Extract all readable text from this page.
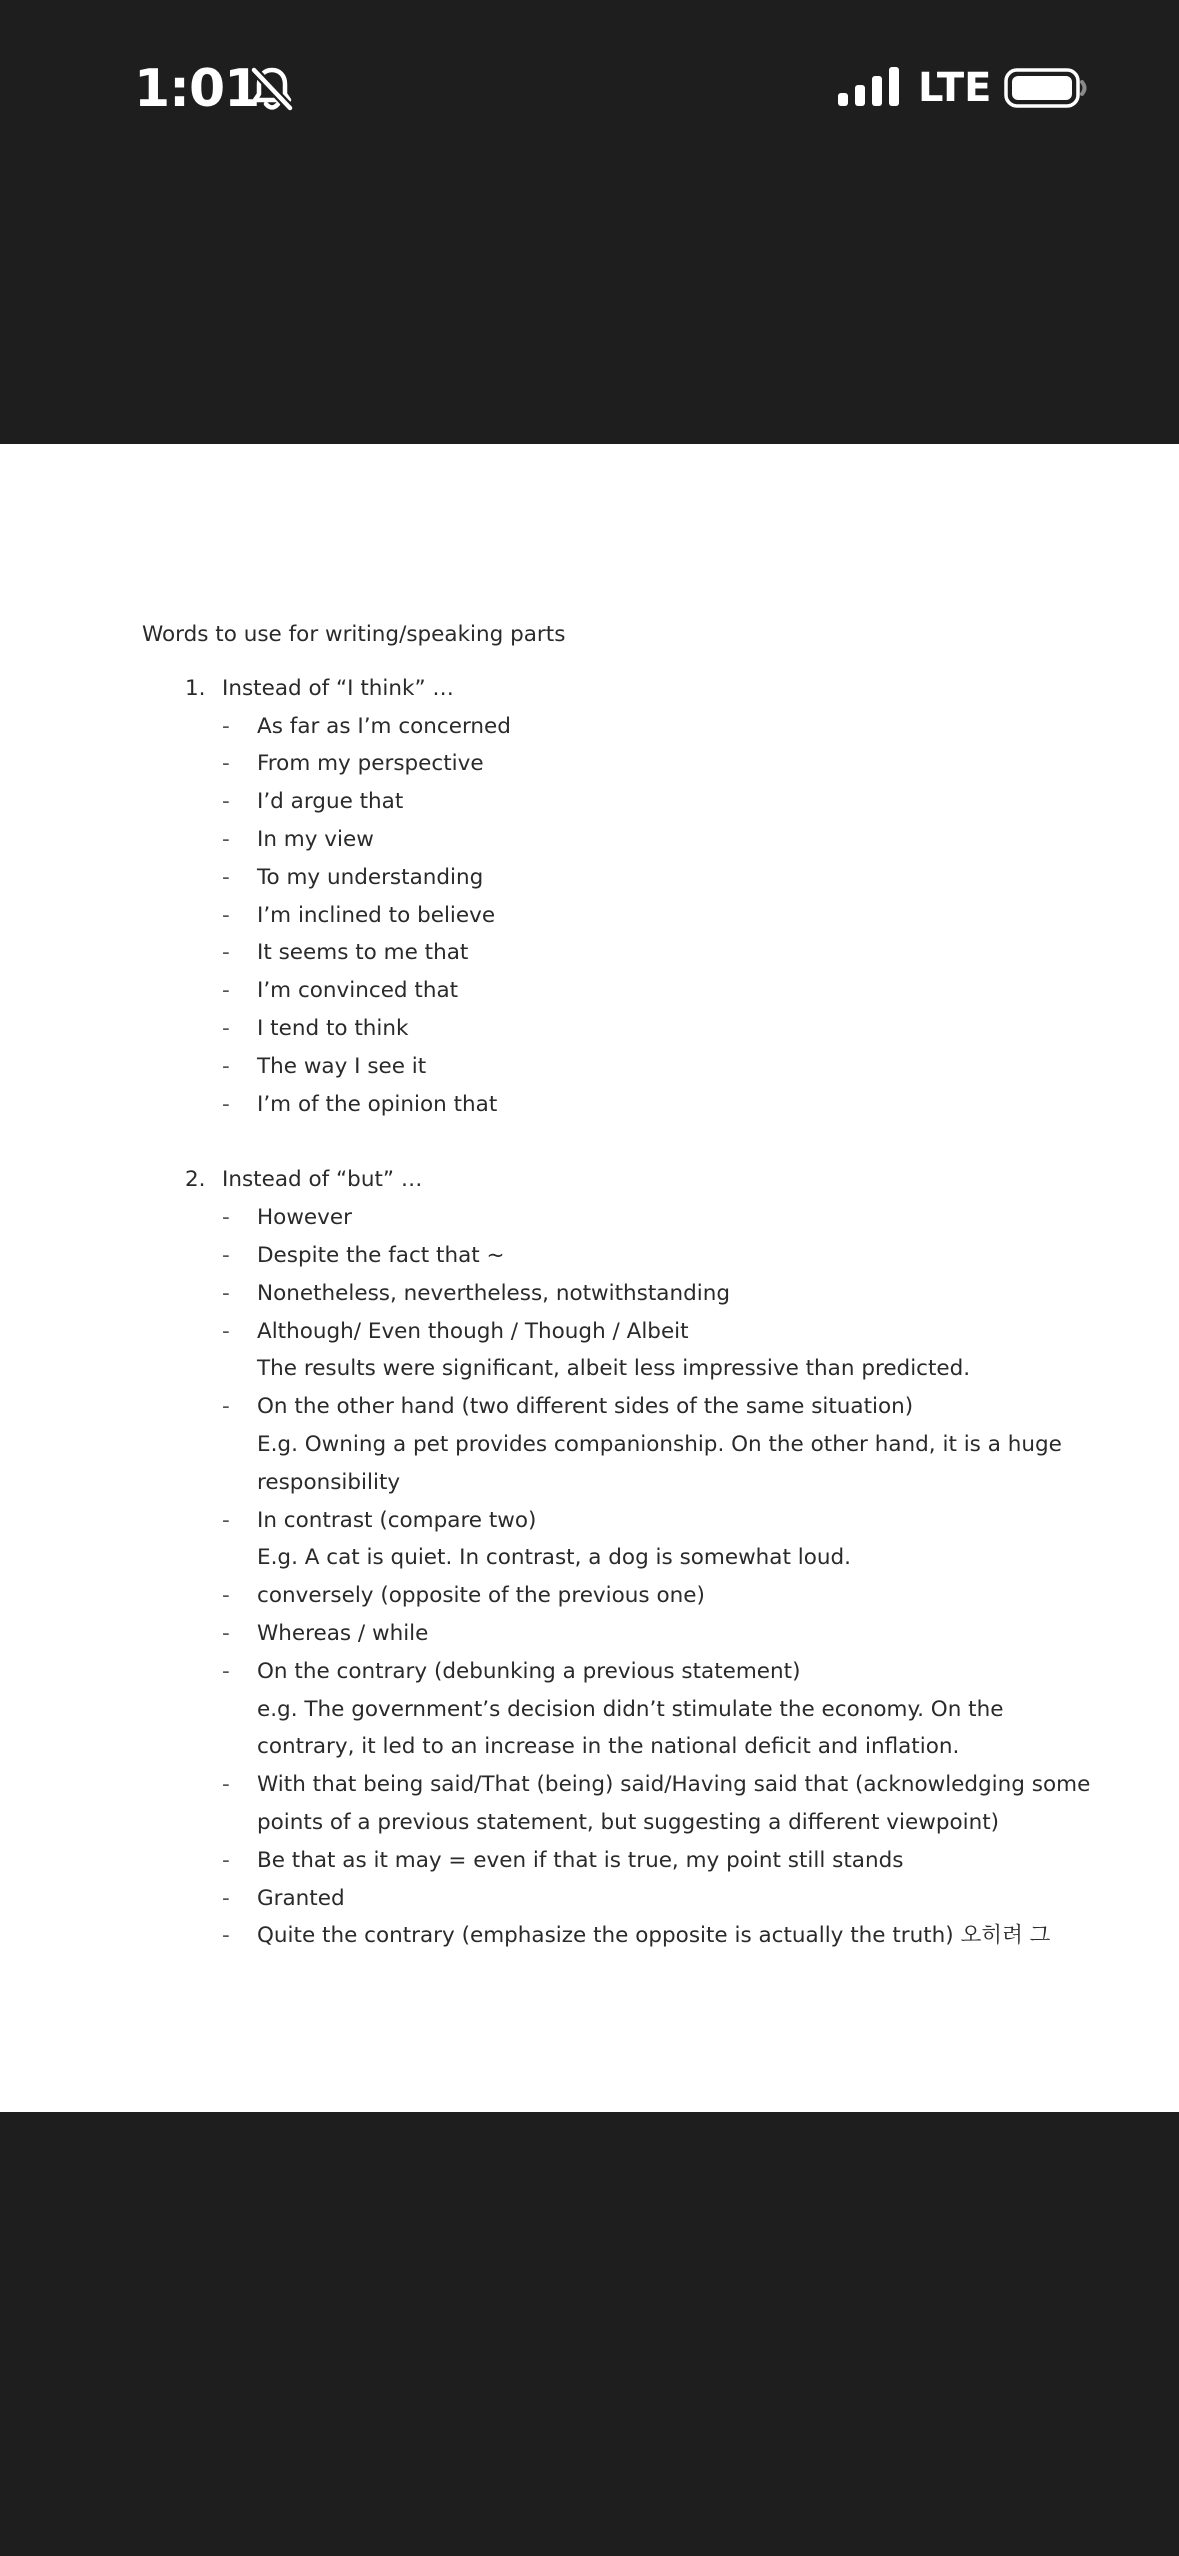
1:01	LTE
Words to use for writing/speaking parts
1. Instead of “I think” …
- As far as I’m concerned
- From my perspective
- I’d argue that
- In my view
- To my understanding
- I’m inclined to believe
- It seems to me that
- I’m convinced that
- I tend to think
- The way I see it
- I’m of the opinion that
2. Instead of “but” …
- However
- Despite the fact that ~
- Nonetheless, nevertheless, notwithstanding
- Although/ Even though / Though / Albeit
The results were significant, albeit less impressive than predicted.
- On the other hand (two different sides of the same situation)
E.g. Owning a pet provides companionship. On the other hand, it is a huge
responsibility
- In contrast (compare two)
E.g. A cat is quiet. In contrast, a dog is somewhat loud.
- conversely (opposite of the previous one)
- Whereas / while
- On the contrary (debunking a previous statement)
e.g. The government’s decision didn’t stimulate the economy. On the
contrary, it led to an increase in the national deficit and inflation.
- With that being said/That (being) said/Having said that (acknowledging some
points of a previous statement, but suggesting a different viewpoint)
- Be that as it may = even if that is true, my point still stands
- Granted
- Quite the contrary (emphasize the opposite is actually the truth) 오히려 그
